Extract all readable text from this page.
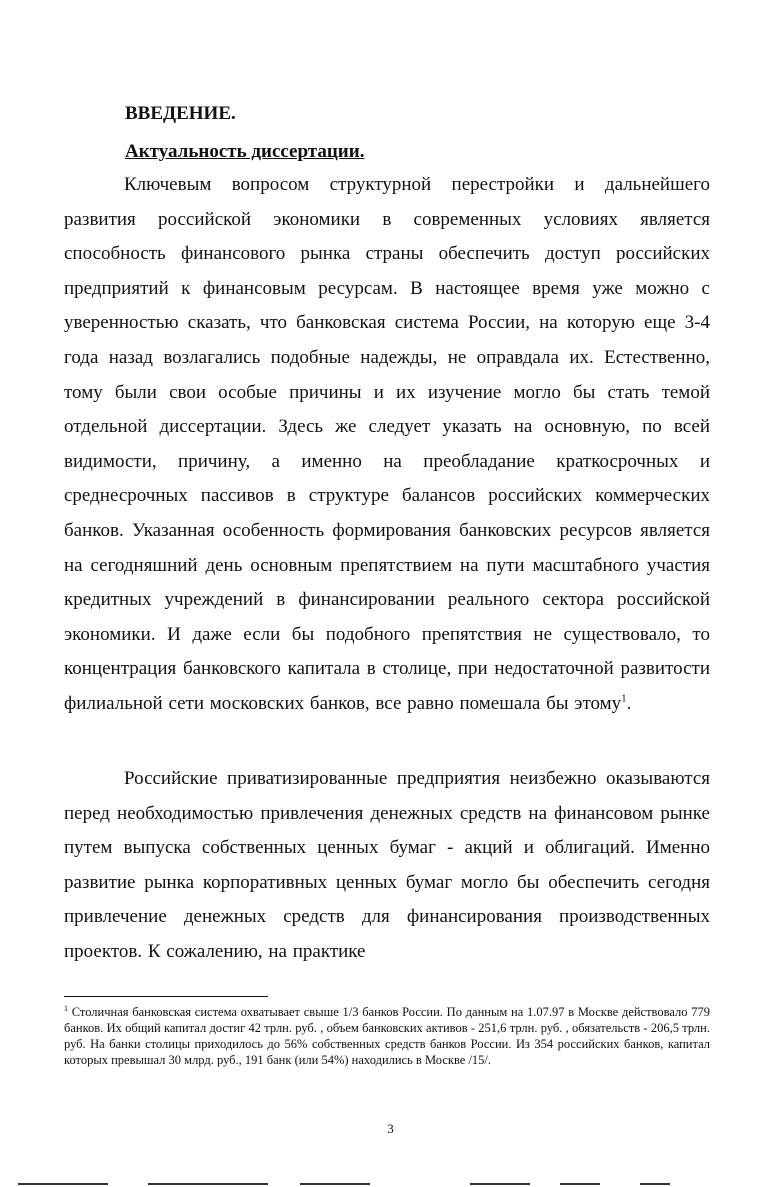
ВВЕДЕНИЕ.
Актуальность диссертации.

Ключевым вопросом структурной перестройки и дальнейшего развития российской экономики в современных условиях является способность финансового рынка страны обеспечить доступ российских предприятий к финансовым ресурсам. В настоящее время уже можно с уверенностью сказать, что банковская система России, на которую еще 3-4 года назад возлагались подобные надежды, не оправдала их. Естественно, тому были свои особые причины и их изучение могло бы стать темой отдельной диссертации. Здесь же следует указать на основную, по всей видимости, причину, а именно на преобладание краткосрочных и среднесрочных пассивов в структуре балансов российских коммерческих банков. Указанная особенность формирования банковских ресурсов является на сегодняшний день основным препятствием на пути масштабного участия кредитных учреждений в финансировании реального сектора российской экономики. И даже если бы подобного препятствия не существовало, то концентрация банковского капитала в столице, при недостаточной развитости филиальной сети московских банков, все равно помешала бы этому$^1$.

Российские приватизированные предприятия неизбежно оказываются перед необходимостью привлечения денежных средств на финансовом рынке путем выпуска собственных ценных бумаг - акций и облигаций. Именно развитие рынка корпоративных ценных бумаг могло бы обеспечить сегодня привлечение денежных средств для финансирования производственных проектов. К сожалению, на практике

$^1$ Столичная банковская система охватывает свыше 1/3 банков России. По данным на 1.07.97 в Москве действовало 779 банков. Их общий капитал достиг 42 трлн. руб. , объем банковских активов - 251,6 трлн. руб. , обязательств - 206,5 трлн. руб. На банки столицы приходилось до 56% собственных средств банков России. Из 354 российских банков, капитал которых превышал 30 млрд. руб., 191 банк (или 54%) находились в Москве /15/.

3
